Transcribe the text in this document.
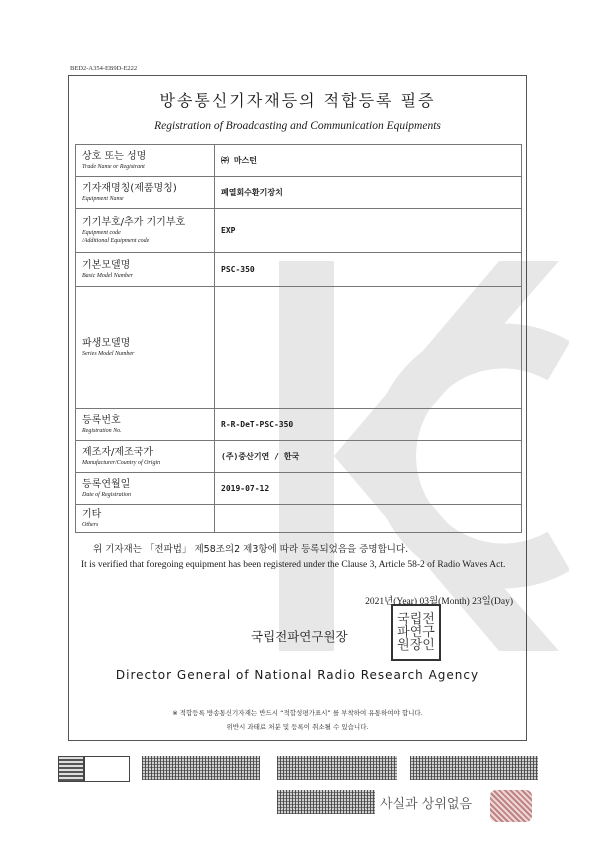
BED2-A354-EB9D-E222
방송통신기자재등의 적합등록 필증
Registration of Broadcasting and Communication Equipments
상호 또는 성명
Trade Name or Registrant	㈜ 마스턴

기자재명칭(제품명칭)
Equipment Name	폐열회수환기장치

기기부호/추가 기기부호
Equipment code
/Additional Equipment code	EXP

기본모델명
Basic Model Number	PSC-350

파생모델명
Series Model Number	

등록번호
Registration No.	R-R-DeT-PSC-350

제조자/제조국가
Manufacturer/Country of Origin	(주)중산기연 / 한국

등록연월일
Date of Registration	2019-07-12

기타
Others	

위 기자재는 「전파법」 제58조의2 제3항에 따라 등록되었음을 증명합니다.
It is verified that foregoing equipment has been registered under the Clause 3, Article 58-2 of Radio Waves Act.
2021년(Year) 03월(Month) 23일(Day)
국립전파연구원장
국립전파연구원장인
Director General of National Radio Research Agency
※ 적합등록 방송통신기자재는 반드시 “적합성평가표시” 를 부착하여 유통하여야 합니다.
위반시 과태료 처분 및 등록이 취소될 수 있습니다.
사실과 상위없음
